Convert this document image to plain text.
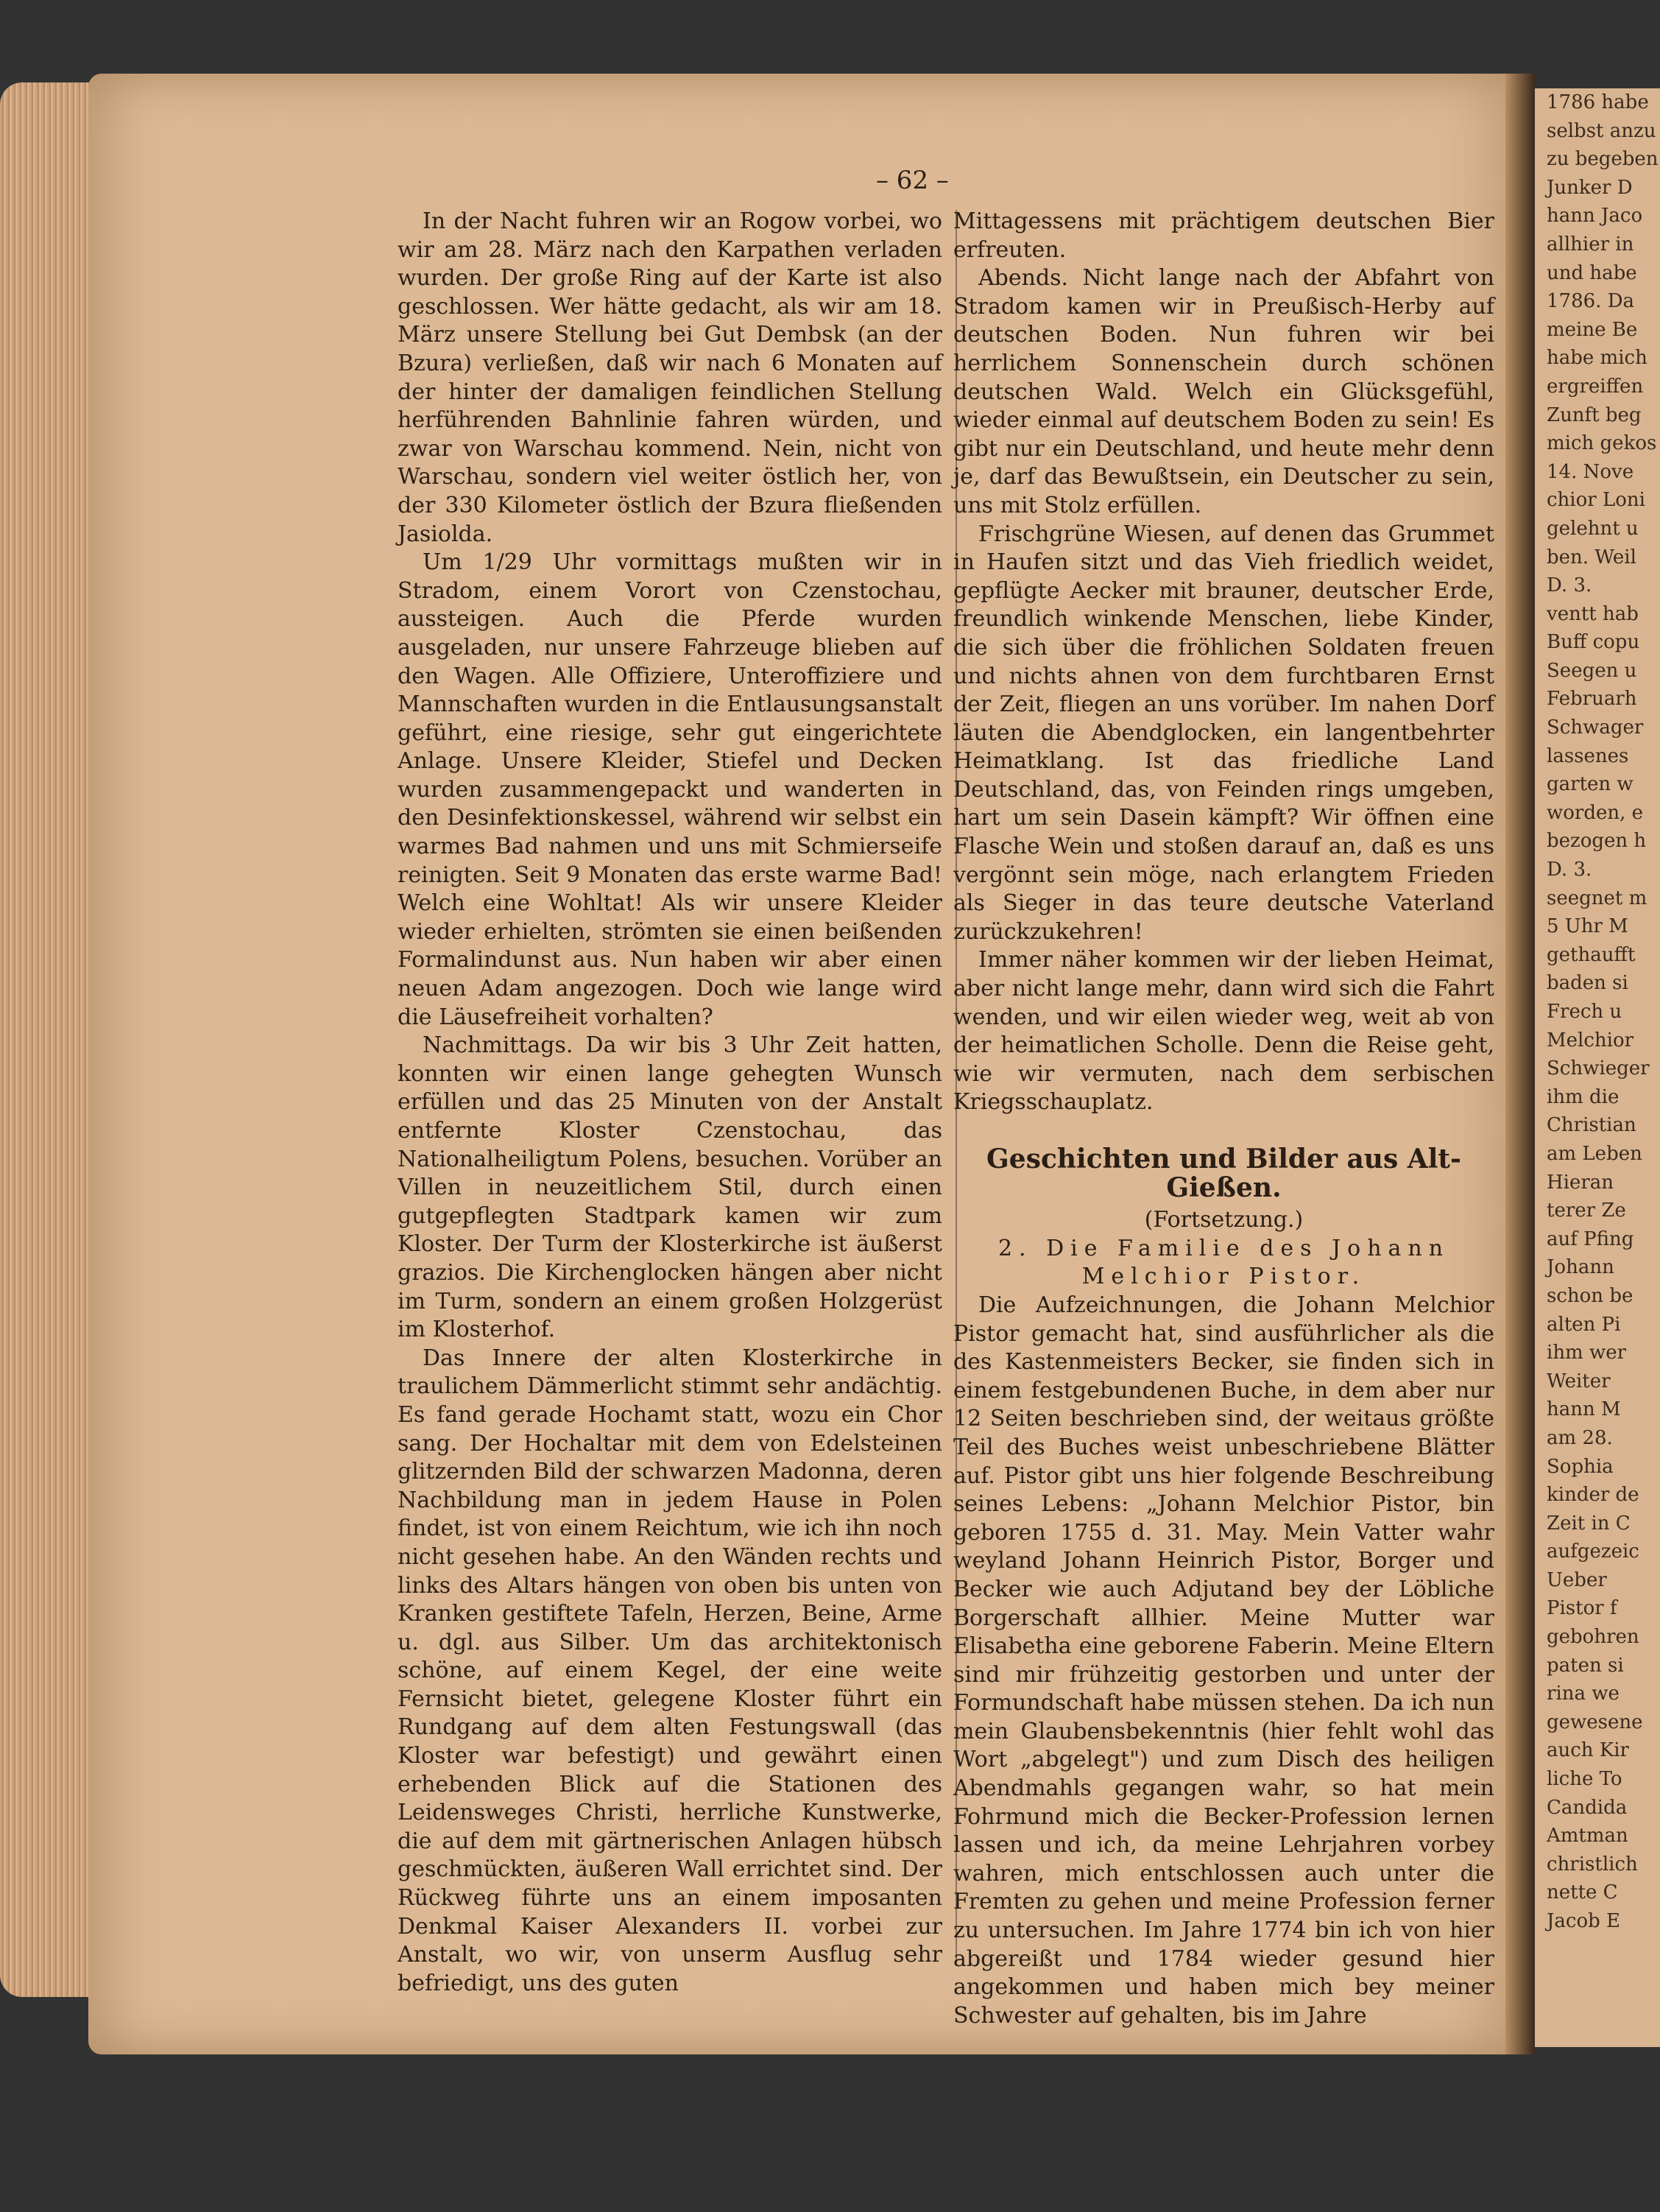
1786 habe
selbst anzu
zu begeben
Junker D
hann Jaco
allhier in
und habe
1786. Da
meine Be
habe mich
ergreiffen
Zunft beg
mich gekos
14. Nove
chior Loni
gelehnt u
ben. Weil
D. 3.
ventt hab
Buff copu
Seegen u
Februarh
Schwager
lassenes
garten w
worden, e
bezogen h
D. 3.
seegnet m
5 Uhr M
gethaufft
baden si
Frech u
Melchior
Schwieger
ihm die
Christian
am Leben
Hieran
terer Ze
auf Pfing
Johann
schon be
alten Pi
ihm wer
Weiter
hann M
am 28.
Sophia
kinder de
Zeit in C
aufgezeic
Ueber
Pistor f
gebohren
paten si
rina we
gewesene
auch Kir
liche To
Candida
Amtman
christlich
nette C
Jacob E
– 62 –

In der Nacht fuhren wir an Rogow vorbei, wo wir am 28. März nach den Karpathen verladen wurden. Der große Ring auf der Karte ist also geschlossen. Wer hätte gedacht, als wir am 18. März unsere Stellung bei Gut Dembsk (an der Bzura) verließen, daß wir nach 6 Monaten auf der hinter der damaligen feindlichen Stellung herführenden Bahnlinie fahren würden, und zwar von Warschau kommend. Nein, nicht von Warschau, sondern viel weiter östlich her, von der 330 Kilometer östlich der Bzura fließenden Jasiolda.

Um 1/29 Uhr vormittags mußten wir in Stradom, einem Vorort von Czenstochau, aussteigen. Auch die Pferde wurden ausgeladen, nur unsere Fahrzeuge blieben auf den Wagen. Alle Offiziere, Unteroffiziere und Mannschaften wurden in die Entlausungsanstalt geführt, eine riesige, sehr gut eingerichtete Anlage. Unsere Kleider, Stiefel und Decken wurden zusammengepackt und wanderten in den Desinfektionskessel, während wir selbst ein warmes Bad nahmen und uns mit Schmierseife reinigten. Seit 9 Monaten das erste warme Bad! Welch eine Wohltat! Als wir unsere Kleider wieder erhielten, strömten sie einen beißenden Formalindunst aus. Nun haben wir aber einen neuen Adam angezogen. Doch wie lange wird die Läusefreiheit vorhalten?

Nachmittags. Da wir bis 3 Uhr Zeit hatten, konnten wir einen lange gehegten Wunsch erfüllen und das 25 Minuten von der Anstalt entfernte Kloster Czenstochau, das Nationalheiligtum Polens, besuchen. Vorüber an Villen in neuzeitlichem Stil, durch einen gutgepflegten Stadtpark kamen wir zum Kloster. Der Turm der Klosterkirche ist äußerst grazios. Die Kirchenglocken hängen aber nicht im Turm, sondern an einem großen Holzgerüst im Klosterhof.

Das Innere der alten Klosterkirche in traulichem Dämmerlicht stimmt sehr andächtig. Es fand gerade Hochamt statt, wozu ein Chor sang. Der Hochaltar mit dem von Edelsteinen glitzernden Bild der schwarzen Madonna, deren Nachbildung man in jedem Hause in Polen findet, ist von einem Reichtum, wie ich ihn noch nicht gesehen habe. An den Wänden rechts und links des Altars hängen von oben bis unten von Kranken gestiftete Tafeln, Herzen, Beine, Arme u. dgl. aus Silber. Um das architektonisch schöne, auf einem Kegel, der eine weite Fernsicht bietet, gelegene Kloster führt ein Rundgang auf dem alten Festungswall (das Kloster war befestigt) und gewährt einen erhebenden Blick auf die Stationen des Leidensweges Christi, herrliche Kunstwerke, die auf dem mit gärtnerischen Anlagen hübsch geschmückten, äußeren Wall errichtet sind. Der Rückweg führte uns an einem imposanten Denkmal Kaiser Alexanders II. vorbei zur Anstalt, wo wir, von unserm Ausflug sehr befriedigt, uns des guten

Mittagessens mit prächtigem deutschen Bier erfreuten.

Abends. Nicht lange nach der Abfahrt von Stradom kamen wir in Preußisch-Herby auf deutschen Boden. Nun fuhren wir bei herrlichem Sonnenschein durch schönen deutschen Wald. Welch ein Glücksgefühl, wieder einmal auf deutschem Boden zu sein! Es gibt nur ein Deutschland, und heute mehr denn je, darf das Bewußtsein, ein Deutscher zu sein, uns mit Stolz erfüllen.

Frischgrüne Wiesen, auf denen das Grummet in Haufen sitzt und das Vieh friedlich weidet, gepflügte Aecker mit brauner, deutscher Erde, freundlich winkende Menschen, liebe Kinder, die sich über die fröhlichen Soldaten freuen und nichts ahnen von dem furchtbaren Ernst der Zeit, fliegen an uns vorüber. Im nahen Dorf läuten die Abendglocken, ein langentbehrter Heimatklang. Ist das friedliche Land Deutschland, das, von Feinden rings umgeben, hart um sein Dasein kämpft? Wir öffnen eine Flasche Wein und stoßen darauf an, daß es uns vergönnt sein möge, nach erlangtem Frieden als Sieger in das teure deutsche Vaterland zurückzukehren!

Immer näher kommen wir der lieben Heimat, aber nicht lange mehr, dann wird sich die Fahrt wenden, und wir eilen wieder weg, weit ab von der heimatlichen Scholle. Denn die Reise geht, wie wir vermuten, nach dem serbischen Kriegsschauplatz.

Geschichten und Bilder aus Alt-Gießen.

(Fortsetzung.)

2. Die Familie des Johann

Melchior Pistor.

Die Aufzeichnungen, die Johann Melchior Pistor gemacht hat, sind ausführlicher als die des Kastenmeisters Becker, sie finden sich in einem festgebundenen Buche, in dem aber nur 12 Seiten beschrieben sind, der weitaus größte Teil des Buches weist unbeschriebene Blätter auf. Pistor gibt uns hier folgende Beschreibung seines Lebens: „Johann Melchior Pistor, bin geboren 1755 d. 31. May. Mein Vatter wahr weyland Johann Heinrich Pistor, Borger und Becker wie auch Adjutand bey der Löbliche Borgerschaft allhier. Meine Mutter war Elisabetha eine geborene Faberin. Meine Eltern sind mir frühzeitig gestorben und unter der Formundschaft habe müssen stehen. Da ich nun mein Glaubensbekenntnis (hier fehlt wohl das Wort „abgelegt") und zum Disch des heiligen Abendmahls gegangen wahr, so hat mein Fohrmund mich die Becker-Profession lernen lassen und ich, da meine Lehrjahren vorbey wahren, mich entschlossen auch unter die Fremten zu gehen und meine Profession ferner zu untersuchen. Im Jahre 1774 bin ich von hier abgereißt und 1784 wieder gesund hier angekommen und haben mich bey meiner Schwester auf gehalten, bis im Jahre
